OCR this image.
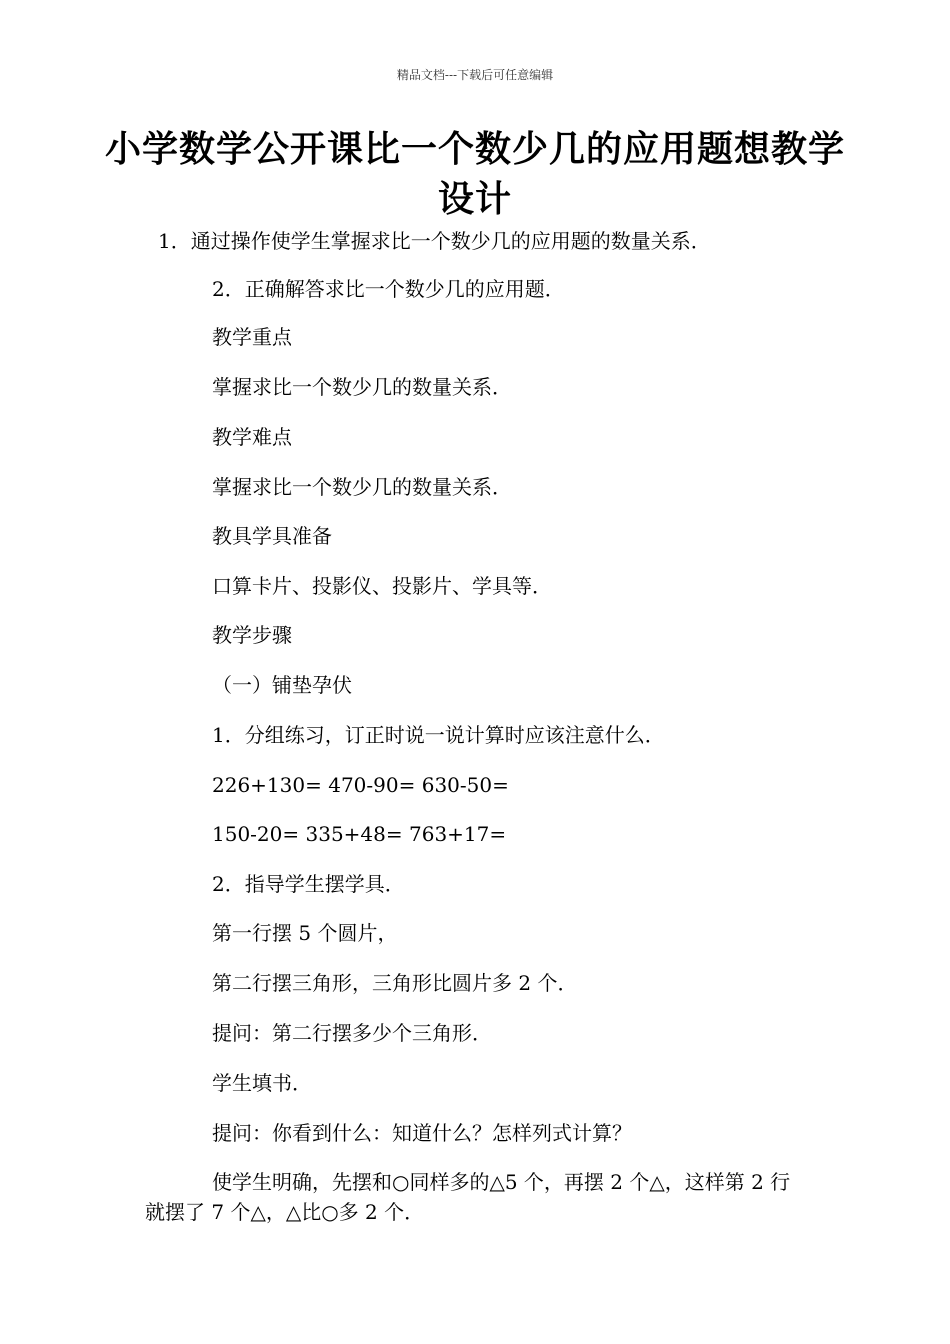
精品文档---下载后可任意编辑
小学数学公开课比一个数少几的应用题想教学设计
1．通过操作使学生掌握求比一个数少几的应用题的数量关系．
2．正确解答求比一个数少几的应用题．
教学重点
掌握求比一个数少几的数量关系．
教学难点
掌握求比一个数少几的数量关系．
教具学具准备
口算卡片、投影仪、投影片、学具等．
教学步骤
（一）铺垫孕伏
1．分组练习，订正时说一说计算时应该注意什么．
226+130= 470-90= 630-50=
150-20= 335+48= 763+17=
2．指导学生摆学具．
第一行摆 5 个圆片，
第二行摆三角形，三角形比圆片多 2 个．
提问：第二行摆多少个三角形．
学生填书．
提问：你看到什么：知道什么？怎样列式计算？

使学生明确，先摆和○同样多的△5 个，再摆 2 个△，这样第 2 行就摆了 7 个△，△比○多 2 个．
